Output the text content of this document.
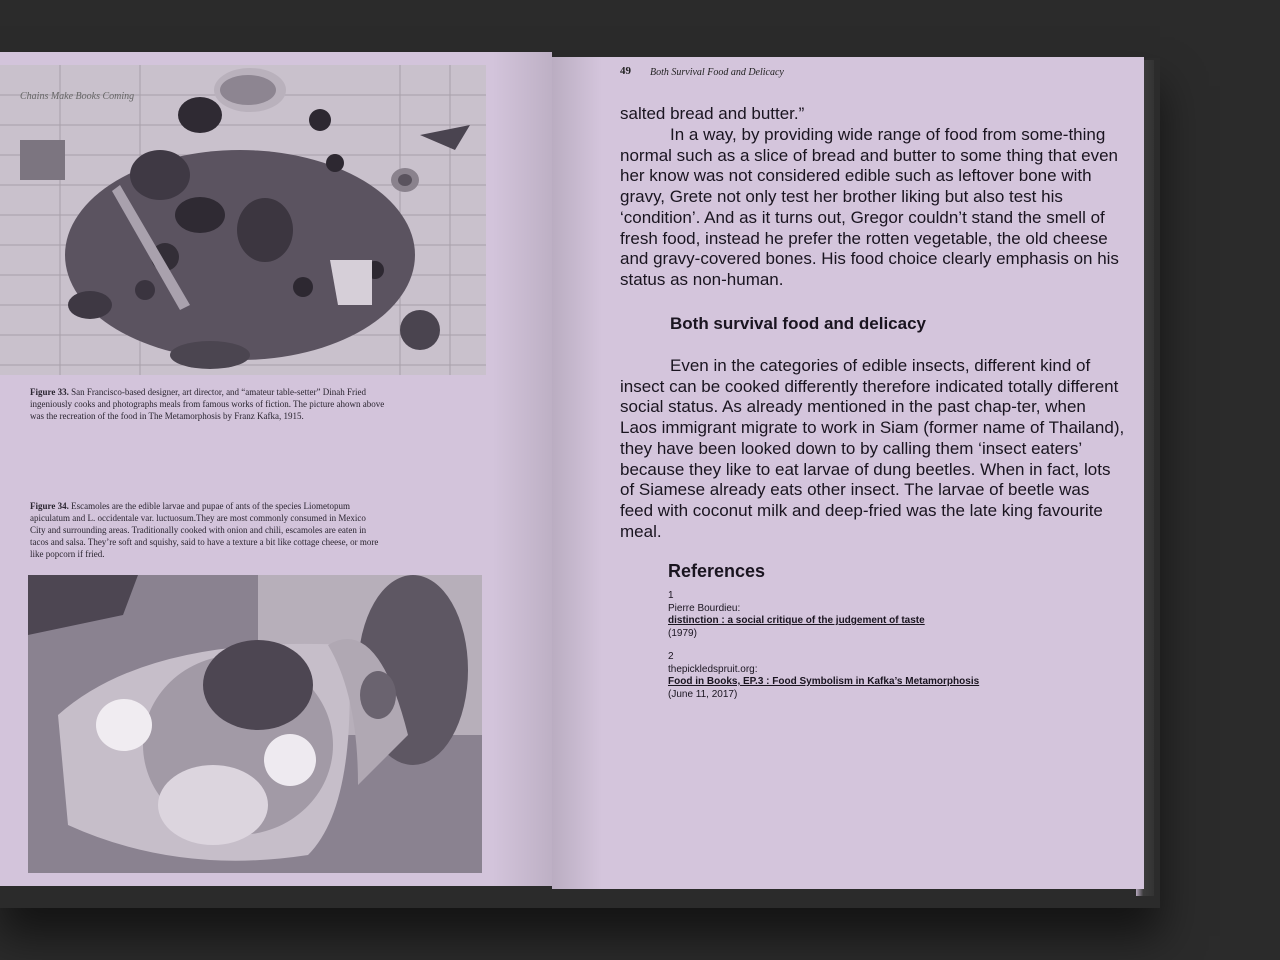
Chains Make Books Coming
Figure 33. San Francisco-based designer, art director, and “amateur table-setter” Dinah Fried ingeniously cooks and photographs meals from famous works of fiction. The picture ahown above was the recreation of the food in The Metamorphosis by Franz Kafka, 1915.
Figure 34. Escamoles are the edible larvae and pupae of ants of the species Liometopum apiculatum and L. occidentale var. luctuosum.They are most commonly consumed in Mexico City and surrounding areas. Traditionally cooked with onion and chili, escamoles are eaten in tacos and salsa. They’re soft and squishy, said to have a texture a bit like cottage cheese, or more like popcorn if fried.
49 Both Survival Food and Delicacy

salted bread and butter.”

In a way, by providing wide range of food from some-thing normal such as a slice of bread and butter to some thing that even her know was not considered edible such as leftover bone with gravy, Grete not only test her brother liking but also test his ‘condition’. And as it turns out, Gregor couldn’t stand the smell of fresh food, instead he prefer the rotten vegetable, the old cheese and gravy-covered bones. His food choice clearly emphasis on his status as non-human.

Both survival food and delicacy

Even in the categories of edible insects, different kind of insect can be cooked differently therefore indicated totally different social status. As already mentioned in the past chap-ter, when Laos immigrant migrate to work in Siam (former name of Thailand), they have been looked down to by calling them ‘insect eaters’ because they like to eat larvae of dung beetles. When in fact, lots of Siamese already eats other insect. The larvae of beetle was feed with coconut milk and deep-fried was the late king favourite meal.

References
1
Pierre Bourdieu:
distinction : a social critique of the judgement of taste
(1979)
2
thepickledspruit.org:
Food in Books, EP.3 : Food Symbolism in Kafka’s Metamorphosis
(June 11, 2017)
